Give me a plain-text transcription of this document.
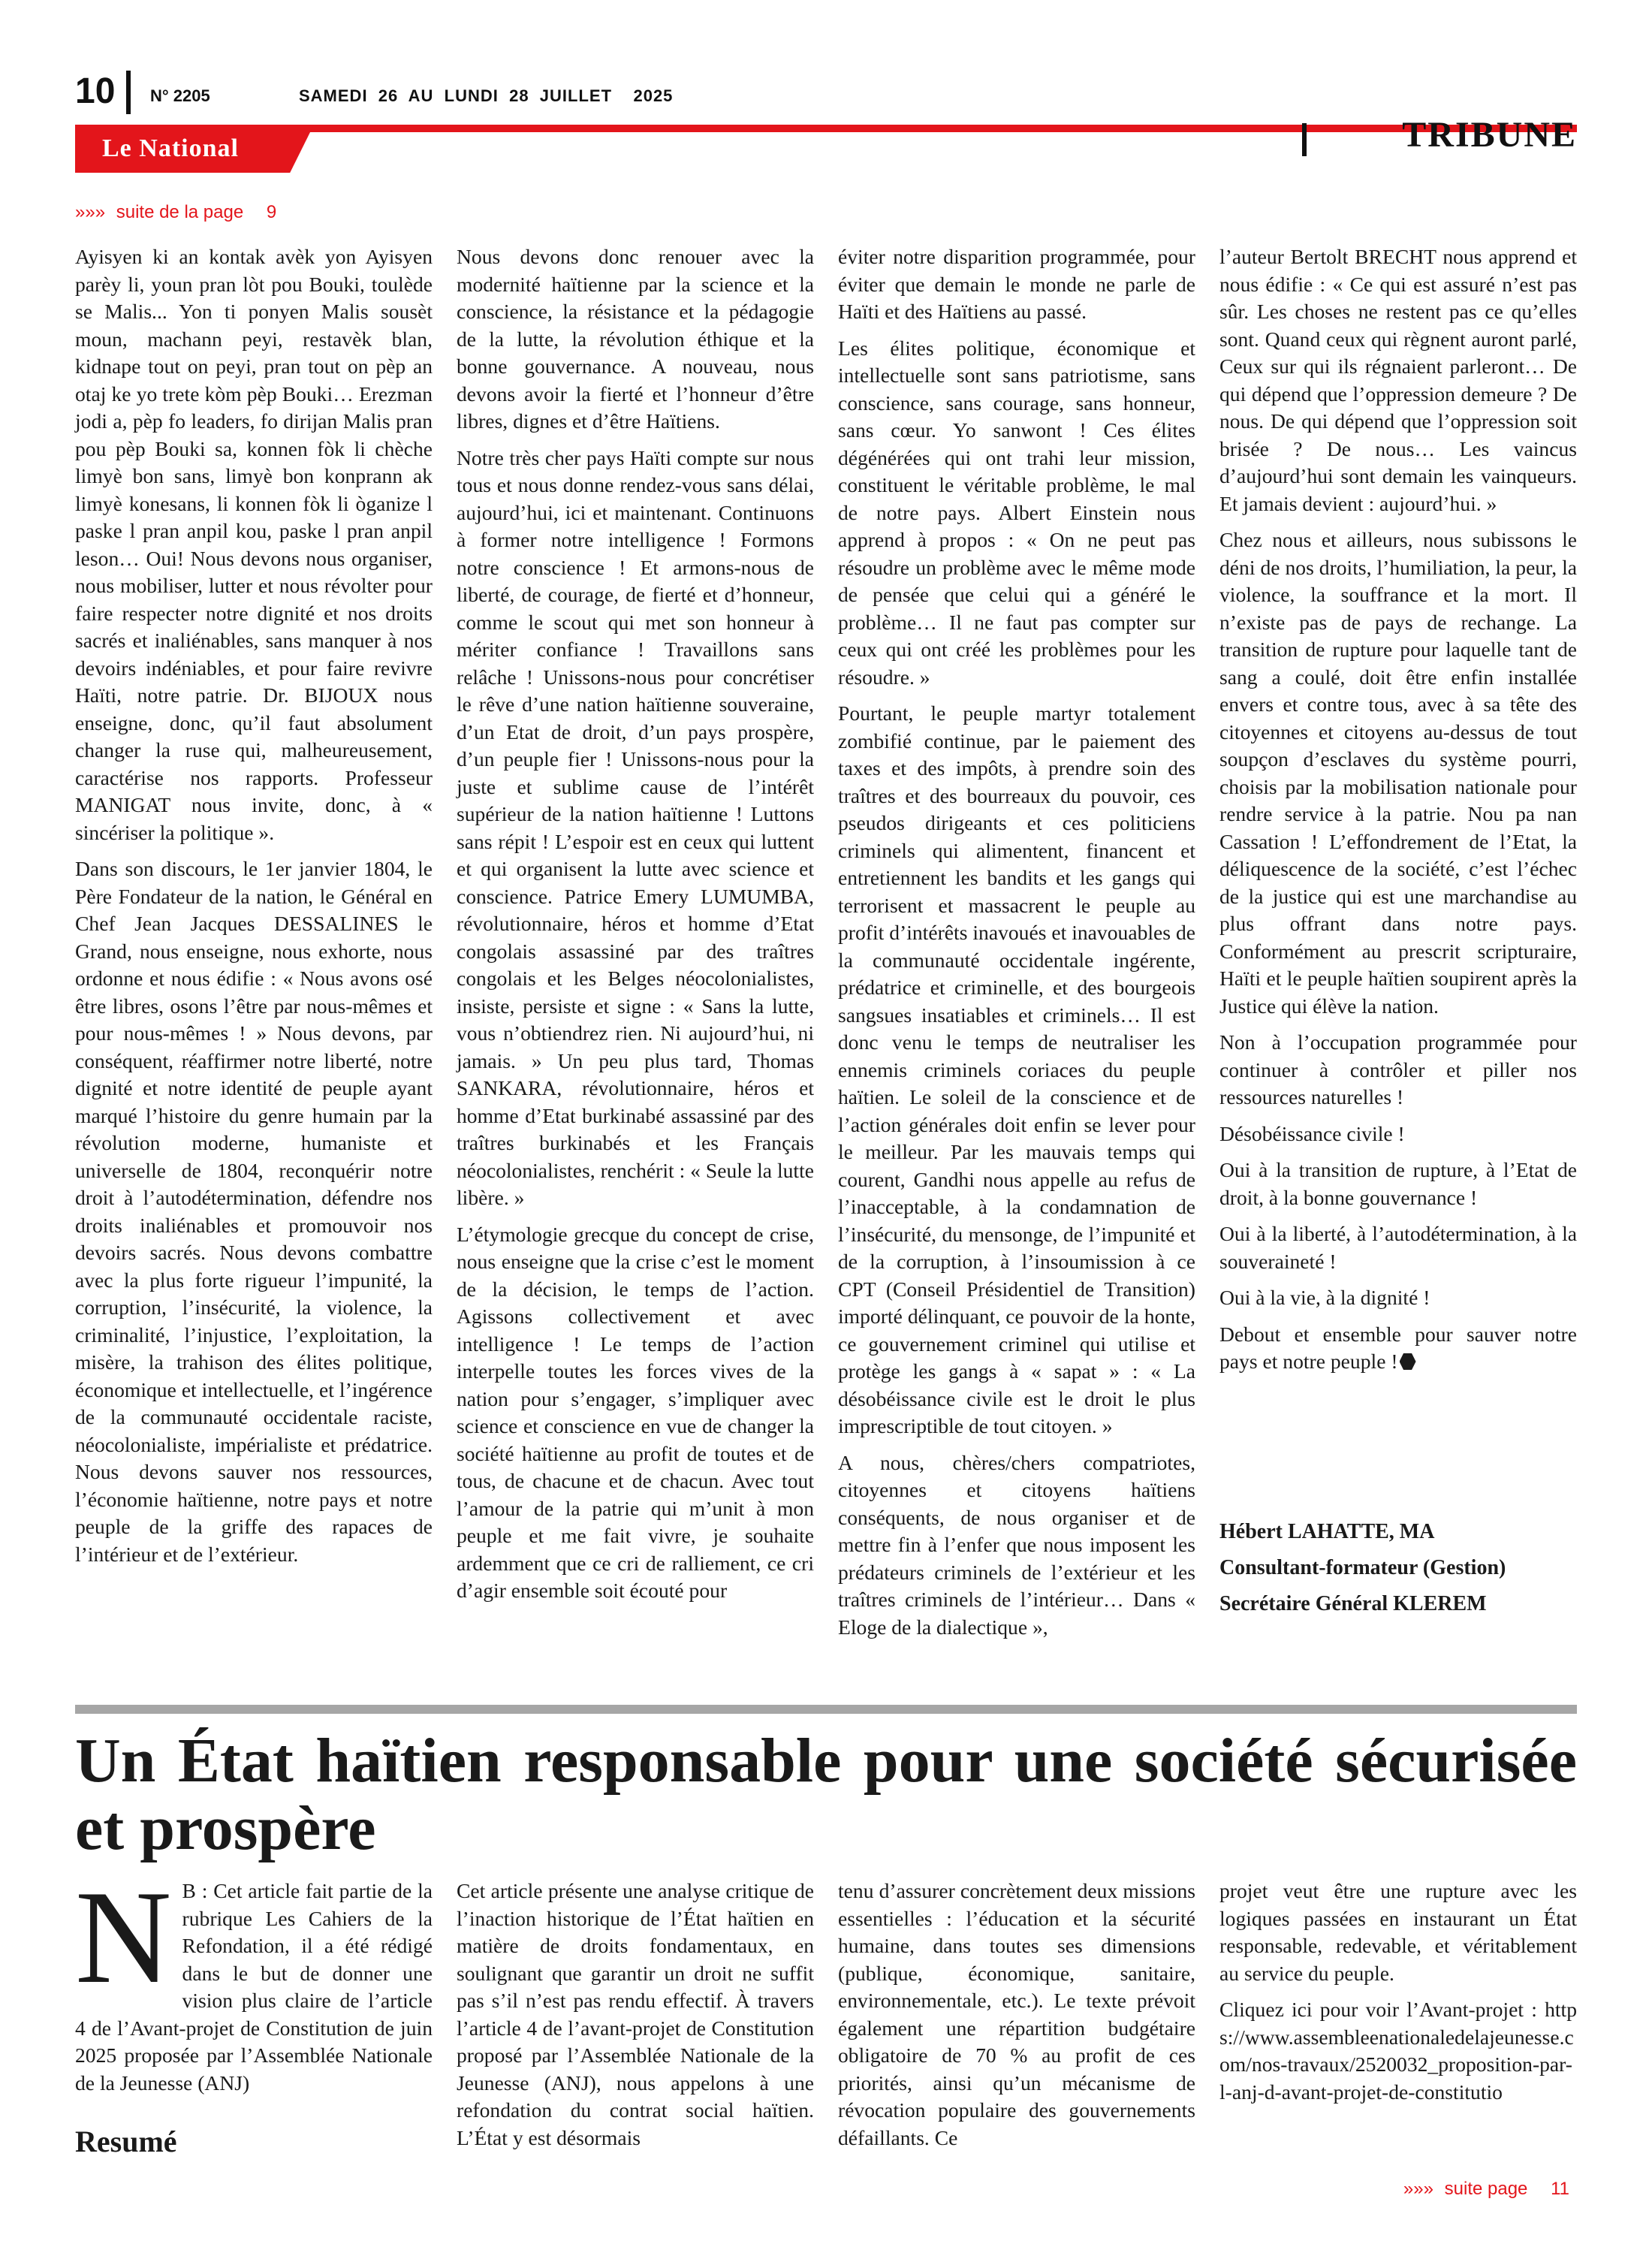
10 N° 2205	SAMEDI  26  AU  LUNDI  28  JUILLET    2025
Le National	TRIBUNE
»»» suite de la page 9

Ayisyen ki an kontak avèk yon Ayisyen parèy li, youn pran lòt pou Bouki, toulède se Malis... Yon ti ponyen Malis sousèt moun, machann peyi, restavèk blan, kidnape tout on peyi, pran tout on pèp an otaj ke yo trete kòm pèp Bouki… Erezman jodi a, pèp fo leaders, fo dirijan Malis pran pou pèp Bouki sa, konnen fòk li chèche limyè bon sans, limyè bon konprann ak limyè konesans, li konnen fòk li òganize l paske l pran anpil kou, paske l pran anpil leson… Oui! Nous devons nous organiser, nous mobiliser, lutter et nous révolter pour faire respecter notre dignité et nos droits sacrés et inaliénables, sans manquer à nos devoirs indéniables, et pour faire revivre Haïti, notre patrie. Dr. BIJOUX nous enseigne, donc, qu’il faut absolument changer la ruse qui, malheureusement, caractérise nos rapports. Professeur MANIGAT nous invite, donc, à « sincériser la politique ».

Dans son discours, le 1er janvier 1804, le Père Fondateur de la nation, le Général en Chef Jean Jacques DESSALINES le Grand, nous enseigne, nous exhorte, nous ordonne et nous édifie : « Nous avons osé être libres, osons l’être par nous-mêmes et pour nous-mêmes ! » Nous devons, par conséquent, réaffirmer notre liberté, notre dignité et notre identité de peuple ayant marqué l’histoire du genre humain par la révolution moderne, humaniste et universelle de 1804, reconquérir notre droit à l’autodétermination, défendre nos droits inaliénables et promouvoir nos devoirs sacrés. Nous devons combattre avec la plus forte rigueur l’impunité, la corruption, l’insécurité, la violence, la criminalité, l’injustice, l’exploitation, la misère, la trahison des élites politique, économique et intellectuelle, et l’ingérence de la communauté occidentale raciste, néocolonialiste, impérialiste et prédatrice. Nous devons sauver nos ressources, l’économie haïtienne, notre pays et notre peuple de la griffe des rapaces de l’intérieur et de l’extérieur.

Nous devons donc renouer avec la modernité haïtienne par la science et la conscience, la résistance et la pédagogie de la lutte, la révolution éthique et la bonne gouvernance. A nouveau, nous devons avoir la fierté et l’honneur d’être libres, dignes et d’être Haïtiens.

Notre très cher pays Haïti compte sur nous tous et nous donne rendez-vous sans délai, aujourd’hui, ici et maintenant. Continuons à former notre intelligence ! Formons notre conscience ! Et armons-nous de liberté, de courage, de fierté et d’honneur, comme le scout qui met son honneur à mériter confiance ! Travaillons sans relâche ! Unissons-nous pour concrétiser le rêve d’une nation haïtienne souveraine, d’un Etat de droit, d’un pays prospère, d’un peuple fier ! Unissons-nous pour la juste et sublime cause de l’intérêt supérieur de la nation haïtienne ! Luttons sans répit ! L’espoir est en ceux qui luttent et qui organisent la lutte avec science et conscience. Patrice Emery LUMUMBA, révolutionnaire, héros et homme d’Etat congolais assassiné par des traîtres congolais et les Belges néocolonialistes, insiste, persiste et signe : « Sans la lutte, vous n’obtiendrez rien. Ni aujourd’hui, ni jamais. » Un peu plus tard, Thomas SANKARA, révolutionnaire, héros et homme d’Etat burkinabé assassiné par des traîtres burkinabés et les Français néocolonialistes, renchérit : « Seule la lutte libère. »

L’étymologie grecque du concept de crise, nous enseigne que la crise c’est le moment de la décision, le temps de l’action. Agissons collectivement et avec intelligence ! Le temps de l’action interpelle toutes les forces vives de la nation pour s’engager, s’impliquer avec science et conscience en vue de changer la société haïtienne au profit de toutes et de tous, de chacune et de chacun. Avec tout l’amour de la patrie qui m’unit à mon peuple et me fait vivre, je souhaite ardemment que ce cri de ralliement, ce cri d’agir ensemble soit écouté pour

éviter notre disparition programmée, pour éviter que demain le monde ne parle de Haïti et des Haïtiens au passé.

Les élites politique, économique et intellectuelle sont sans patriotisme, sans conscience, sans courage, sans honneur, sans cœur. Yo sanwont ! Ces élites dégénérées qui ont trahi leur mission, constituent le véritable problème, le mal de notre pays. Albert Einstein nous apprend à propos : « On ne peut pas résoudre un problème avec le même mode de pensée que celui qui a généré le problème… Il ne faut pas compter sur ceux qui ont créé les problèmes pour les résoudre. »

Pourtant, le peuple martyr totalement zombifié continue, par le paiement des taxes et des impôts, à prendre soin des traîtres et des bourreaux du pouvoir, ces pseudos dirigeants et ces politiciens criminels qui alimentent, financent et entretiennent les bandits et les gangs qui terrorisent et massacrent le peuple au profit d’intérêts inavoués et inavouables de la communauté occidentale ingérente, prédatrice et criminelle, et des bourgeois sangsues insatiables et criminels… Il est donc venu le temps de neutraliser les ennemis criminels coriaces du peuple haïtien. Le soleil de la conscience et de l’action générales doit enfin se lever pour le meilleur. Par les mauvais temps qui courent, Gandhi nous appelle au refus de l’inacceptable, à la condamnation de l’insécurité, du mensonge, de l’impunité et de la corruption, à l’insoumission à ce CPT (Conseil Présidentiel de Transition) importé délinquant, ce pouvoir de la honte, ce gouvernement criminel qui utilise et protège les gangs à « sapat » : « La désobéissance civile est le droit le plus imprescriptible de tout citoyen. »

A nous, chères/chers compatriotes, citoyennes et citoyens haïtiens conséquents, de nous organiser et de mettre fin à l’enfer que nous imposent les prédateurs criminels de l’extérieur et les traîtres criminels de l’intérieur… Dans « Eloge de la dialectique »,

l’auteur Bertolt BRECHT nous apprend et nous édifie : « Ce qui est assuré n’est pas sûr. Les choses ne restent pas ce qu’elles sont. Quand ceux qui règnent auront parlé, Ceux sur qui ils régnaient parleront… De qui dépend que l’oppression demeure ? De nous. De qui dépend que l’oppression soit brisée ? De nous… Les vaincus d’aujourd’hui sont demain les vainqueurs. Et jamais devient : aujourd’hui. »

Chez nous et ailleurs, nous subissons le déni de nos droits, l’humiliation, la peur, la violence, la souffrance et la mort. Il n’existe pas de pays de rechange. La transition de rupture pour laquelle tant de sang a coulé, doit être enfin installée envers et contre tous, avec à sa tête des citoyennes et citoyens au-dessus de tout soupçon d’esclaves du système pourri, choisis par la mobilisation nationale pour rendre service à la patrie. Nou pa nan Cassation ! L’effondrement de l’Etat, la déliquescence de la société, c’est l’échec de la justice qui est une marchandise au plus offrant dans notre pays. Conformément au prescrit scripturaire, Haïti et le peuple haïtien soupirent après la Justice qui élève la nation.

Non à l’occupation programmée pour continuer à contrôler et piller nos ressources naturelles !

Désobéissance civile !

Oui à la transition de rupture, à l’Etat de droit, à la bonne gouvernance !

Oui à la liberté, à l’autodétermination, à la souveraineté !

Oui à la vie, à la dignité !

Debout et ensemble pour sauver notre pays et notre peuple !

Hébert LAHATTE, MA

Consultant-formateur (Gestion)

Secrétaire Général KLEREM

Un État haïtien responsable pour une société sécurisée et prospère

N B : Cet article fait partie de la rubrique Les Cahiers de la Refondation, il a été rédigé dans le but de donner une vision plus claire de l’article 4 de l’Avant-projet de Constitution de juin 2025 proposée par l’Assemblée Nationale de la Jeunesse (ANJ)

Resumé

Cet article présente une analyse critique de l’inaction historique de l’État haïtien en matière de droits fondamentaux, en soulignant que garantir un droit ne suffit pas s’il n’est pas rendu effectif. À travers l’article 4 de l’avant-projet de Constitution proposé par l’Assemblée Nationale de la Jeunesse (ANJ), nous appelons à une refondation du contrat social haïtien. L’État y est désormais

tenu d’assurer concrètement deux missions essentielles : l’éducation et la sécurité humaine, dans toutes ses dimensions (publique, économique, sanitaire, environnementale, etc.). Le texte prévoit également une répartition budgétaire obligatoire de 70 % au profit de ces priorités, ainsi qu’un mécanisme de révocation populaire des gouvernements défaillants. Ce

projet veut être une rupture avec les logiques passées en instaurant un État responsable, redevable, et véritablement au service du peuple.

Cliquez ici pour voir l’Avant-projet : https://www.assembleenationaledelajeunesse.com/nos-travaux/2520032_proposition-par-l-anj-d-avant-projet-de-constitutio

»»» suite page 11
